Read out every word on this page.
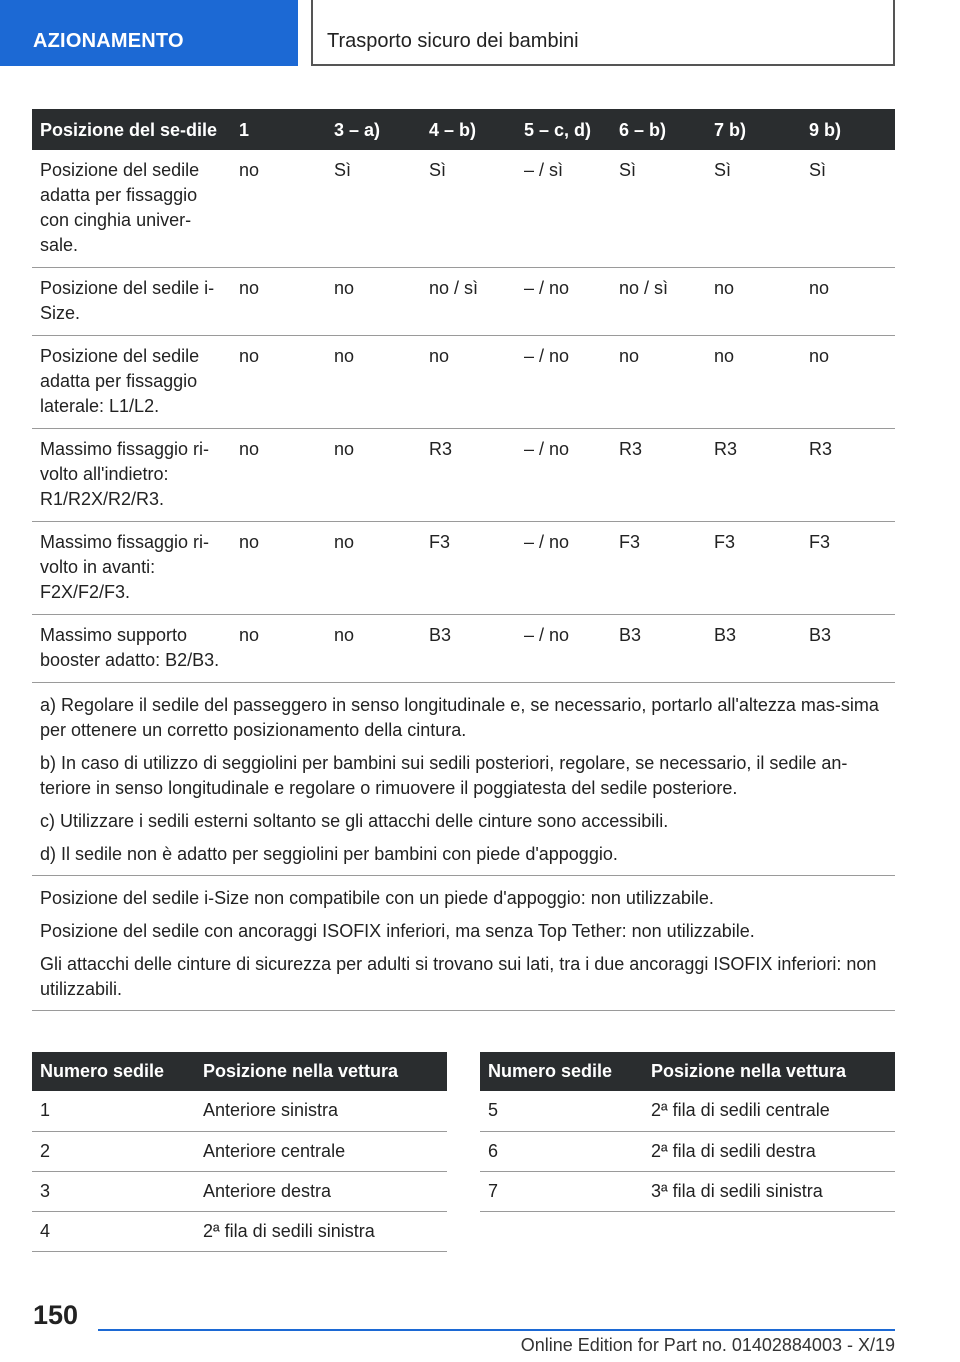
AZIONAMENTO	Trasporto sicuro dei bambini
Posizione del se-dile	1	3 – a)	4 – b)	5 – c, d)	6 – b)	7 b)	9 b)
Posizione del sedile adatta per fissaggio con cinghia univer-sale.	no	Sì	Sì	– / sì	Sì	Sì	Sì
Posizione del sedile i-Size.	no	no	no / sì	– / no	no / sì	no	no
Posizione del sedile adatta per fissaggio laterale: L1/L2.	no	no	no	– / no	no	no	no
Massimo fissaggio ri-volto all'indietro: R1/R2X/R2/R3.	no	no	R3	– / no	R3	R3	R3
Massimo fissaggio ri-volto in avanti: F2X/F2/F3.	no	no	F3	– / no	F3	F3	F3
Massimo supporto booster adatto: B2/B3.	no	no	B3	– / no	B3	B3	B3

a) Regolare il sedile del passeggero in senso longitudinale e, se necessario, portarlo all'altezza mas-sima per ottenere un corretto posizionamento della cintura.

b) In caso di utilizzo di seggiolini per bambini sui sedili posteriori, regolare, se necessario, il sedile an-teriore in senso longitudinale e regolare o rimuovere il poggiatesta del sedile posteriore.

c) Utilizzare i sedili esterni soltanto se gli attacchi delle cinture sono accessibili.

d) Il sedile non è adatto per seggiolini per bambini con piede d'appoggio.							

Posizione del sedile i-Size non compatibile con un piede d'appoggio: non utilizzabile.

Posizione del sedile con ancoraggi ISOFIX inferiori, ma senza Top Tether: non utilizzabile.

Gli attacchi delle cinture di sicurezza per adulti si trovano sui lati, tra i due ancoraggi ISOFIX inferiori: non utilizzabili.							

Numero sedile	Posizione nella vettura
1	Anteriore sinistra
2	Anteriore centrale
3	Anteriore destra
4	2ª fila di sedili sinistra
Numero sedile	Posizione nella vettura
5	2ª fila di sedili centrale
6	2ª fila di sedili destra
7	3ª fila di sedili sinistra
150
Online Edition for Part no. 01402884003 - X/19
